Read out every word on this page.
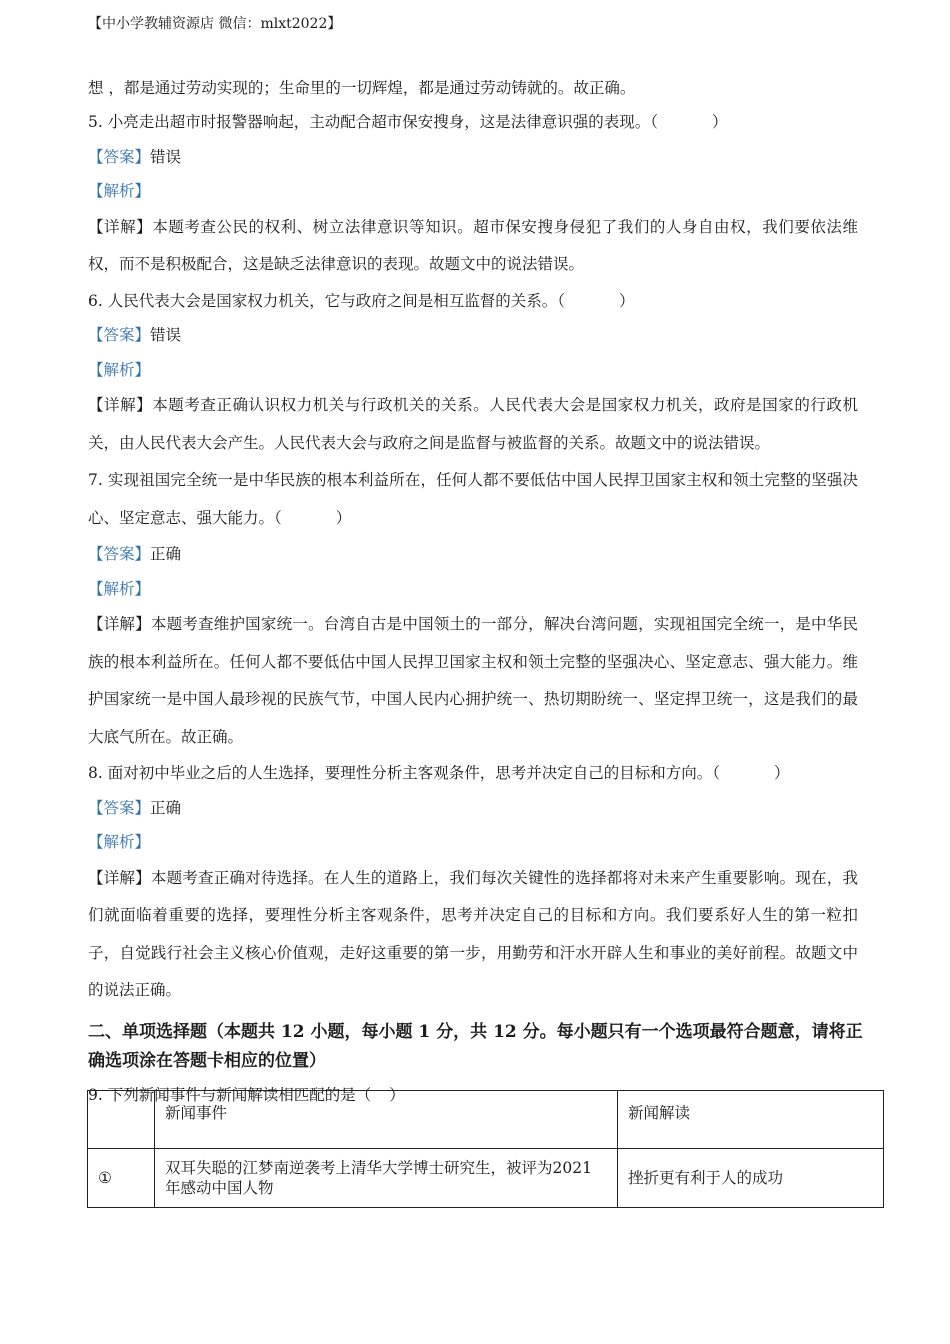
【中小学教辅资源店 微信：mlxt2022】

想 ，都是通过劳动实现的；生命里的一切辉煌，都是通过劳动铸就的。故正确。

5. 小亮走出超市时报警器响起，主动配合超市保安搜身，这是法律意识强的表现。（	）
【答案】错误
【解析】

【详解】本题考查公民的权利、树立法律意识等知识。超市保安搜身侵犯了我们的人身自由权，我们要依法维权，而不是积极配合，这是缺乏法律意识的表现。故题文中的说法错误。

6. 人民代表大会是国家权力机关，它与政府之间是相互监督的关系。（	）
【答案】错误
【解析】

【详解】本题考查正确认识权力机关与行政机关的关系。人民代表大会是国家权力机关，政府是国家的行政机关，由人民代表大会产生。人民代表大会与政府之间是监督与被监督的关系。故题文中的说法错误。

7. 实现祖国完全统一是中华民族的根本利益所在，任何人都不要低估中国人民捍卫国家主权和领土完整的坚强决心、坚定意志、强大能力。（	）

【答案】正确
【解析】

【详解】本题考查维护国家统一。台湾自古是中国领土的一部分，解决台湾问题，实现祖国完全统一，是中华民族的根本利益所在。任何人都不要低估中国人民捍卫国家主权和领土完整的坚强决心、坚定意志、强大能力。维护国家统一是中国人最珍视的民族气节，中国人民内心拥护统一、热切期盼统一、坚定捍卫统一，这是我们的最大底气所在。故正确。

8. 面对初中毕业之后的人生选择，要理性分析主客观条件，思考并决定自己的目标和方向。（	）
【答案】正确
【解析】

【详解】本题考查正确对待选择。在人生的道路上，我们每次关键性的选择都将对未来产生重要影响。现在，我们就面临着重要的选择，要理性分析主客观条件，思考并决定自己的目标和方向。我们要系好人生的第一粒扣子，自觉践行社会主义核心价值观，走好这重要的第一步，用勤劳和汗水开辟人生和事业的美好前程。故题文中的说法正确。

二、单项选择题（本题共 12 小题，每小题 1 分，共 12 分。每小题只有一个选项最符合题意，请将正确选项涂在答题卡相应的位置）
9. 下列新闻事件与新闻解读相匹配的是（ ）
	新闻事件	新闻解读
①	双耳失聪的江梦南逆袭考上清华大学博士研究生，被评为2021年感动中国人物	挫折更有利于人的成功
